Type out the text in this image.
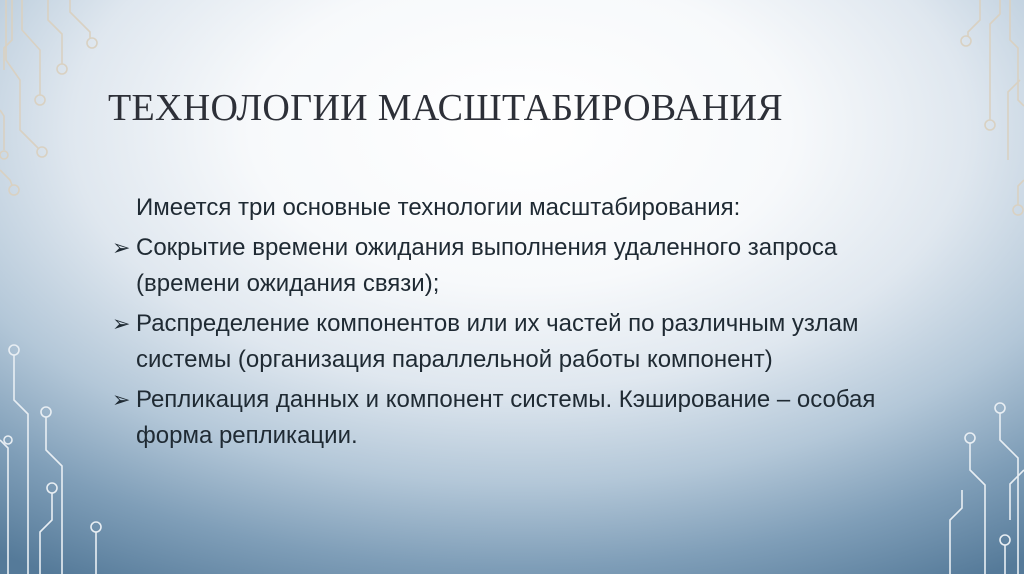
ТЕХНОЛОГИИ МАСШТАБИРОВАНИЯ

Имеется три основные технологии масштабирования:

➢ Сокрытие времени ожидания выполнения удаленного запроса (времени ожидания связи);
➢ Распределение компонентов или их частей по различным узлам системы (организация параллельной работы компонент)
➢ Репликация данных и компонент системы. Кэширование – особая форма репликации.
